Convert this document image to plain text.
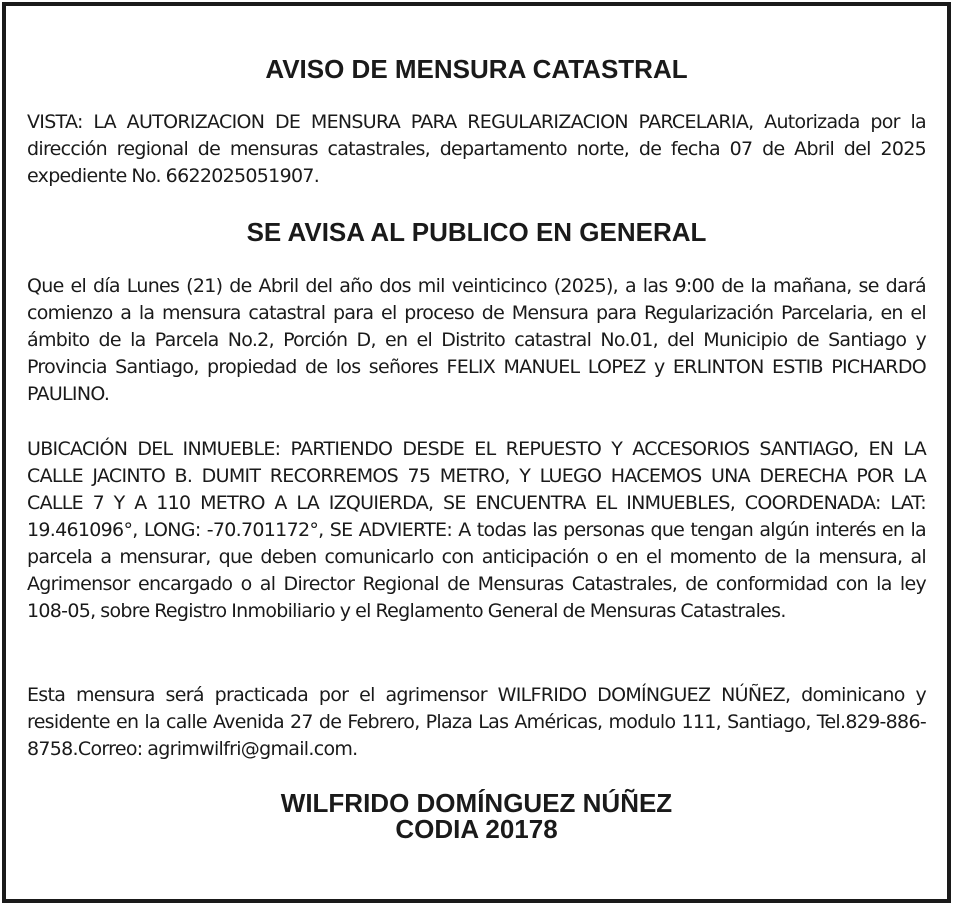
AVISO DE MENSURA CATASTRAL

VISTA: LA AUTORIZACION DE MENSURA PARA REGULARIZACION PARCELARIA, Autorizada por la dirección regional de mensuras catastrales, departamento norte, de fecha 07 de Abril del 2025 expediente No. 6622025051907.

SE AVISA AL PUBLICO EN GENERAL

Que el día Lunes (21) de Abril del año dos mil veinticinco (2025), a las 9:00 de la mañana, se dará comienzo a la mensura catastral para el proceso de Mensura para Regularización Parcelaria, en el ámbito de la Parcela No.2, Porción D, en el Distrito catastral No.01, del Municipio de Santiago y Provincia Santiago, propiedad de los señores FELIX MANUEL LOPEZ y ERLINTON ESTIB PICHARDO PAULINO.

UBICACIÓN DEL INMUEBLE: PARTIENDO DESDE EL REPUESTO Y ACCESORIOS SANTIAGO, EN LA CALLE JACINTO B. DUMIT RECORREMOS 75 METRO, Y LUEGO HACEMOS UNA DERECHA POR LA CALLE 7 Y A 110 METRO A LA IZQUIERDA, SE ENCUENTRA EL INMUEBLES, COORDENADA: LAT: 19.461096°, LONG: -70.701172°, SE ADVIERTE: A todas las personas que tengan algún interés en la parcela a mensurar, que deben comunicarlo con anticipación o en el momento de la mensura, al Agrimensor encargado o al Director Regional de Mensuras Catastrales, de conformidad con la ley 108-05, sobre Registro Inmobiliario y el Reglamento General de Mensuras Catastrales.

Esta mensura será practicada por el agrimensor WILFRIDO DOMÍNGUEZ NÚÑEZ, dominicano y residente en la calle Avenida 27 de Febrero, Plaza Las Américas, modulo 111, Santiago, Tel.829-886-8758.Correo: agrimwilfri@gmail.com.

WILFRIDO DOMÍNGUEZ NÚÑEZ
CODIA 20178
